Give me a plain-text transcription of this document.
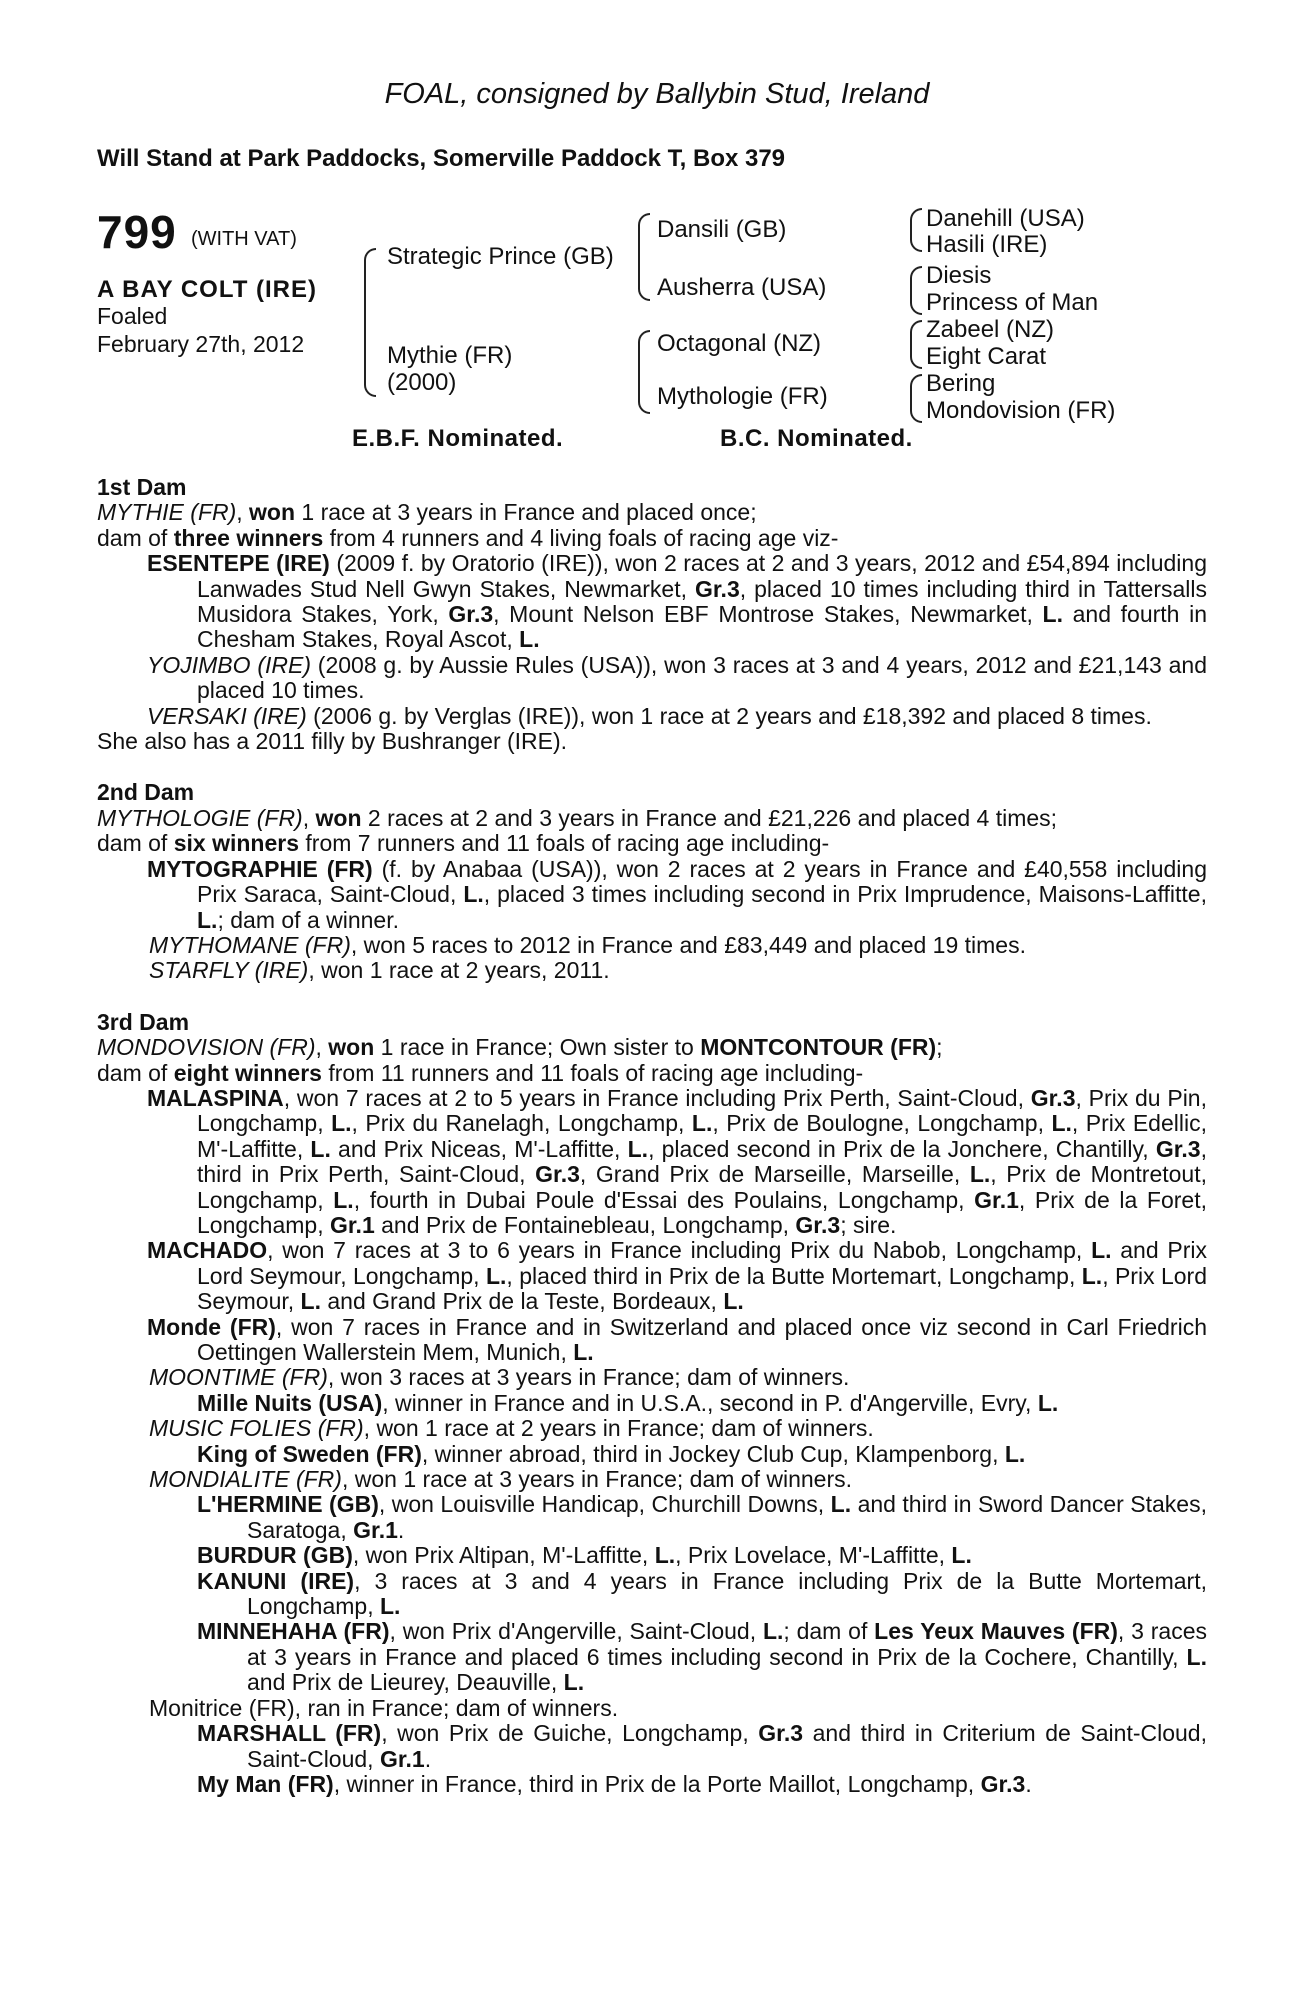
FOAL, consigned by Ballybin Stud, Ireland
Will Stand at Park Paddocks, Somerville Paddock T, Box 379
799 (WITH VAT)
A BAY COLT (IRE)
Foaled
February 27th, 2012
Strategic Prince (GB)
Mythie (FR)
(2000)
Dansili (GB)
Ausherra (USA)
Octagonal (NZ)
Mythologie (FR)
Danehill (USA)
Hasili (IRE)
Diesis
Princess of Man
Zabeel (NZ)
Eight Carat
Bering
Mondovision (FR)
E.B.F. Nominated.	B.C. Nominated.
1st Dam
MYTHIE (FR), won 1 race at 3 years in France and placed once;
dam of three winners from 4 runners and 4 living foals of racing age viz-
ESENTEPE (IRE) (2009 f. by Oratorio (IRE)), won 2 races at 2 and 3 years, 2012 and £54,894 including Lanwades Stud Nell Gwyn Stakes, Newmarket, Gr.3, placed 10 times including third in Tattersalls Musidora Stakes, York, Gr.3, Mount Nelson EBF Montrose Stakes, Newmarket, L. and fourth in Chesham Stakes, Royal Ascot, L.
YOJIMBO (IRE) (2008 g. by Aussie Rules (USA)), won 3 races at 3 and 4 years, 2012 and £21,143 and placed 10 times.
VERSAKI (IRE) (2006 g. by Verglas (IRE)), won 1 race at 2 years and £18,392 and placed 8 times.
She also has a 2011 filly by Bushranger (IRE).
2nd Dam
MYTHOLOGIE (FR), won 2 races at 2 and 3 years in France and £21,226 and placed 4 times;
dam of six winners from 7 runners and 11 foals of racing age including-
MYTOGRAPHIE (FR) (f. by Anabaa (USA)), won 2 races at 2 years in France and £40,558 including Prix Saraca, Saint-Cloud, L., placed 3 times including second in Prix Imprudence, Maisons-Laffitte, L.; dam of a winner.
MYTHOMANE (FR), won 5 races to 2012 in France and £83,449 and placed 19 times.
STARFLY (IRE), won 1 race at 2 years, 2011.
3rd Dam
MONDOVISION (FR), won 1 race in France; Own sister to MONTCONTOUR (FR);
dam of eight winners from 11 runners and 11 foals of racing age including-
MALASPINA, won 7 races at 2 to 5 years in France including Prix Perth, Saint-Cloud, Gr.3, Prix du Pin, Longchamp, L., Prix du Ranelagh, Longchamp, L., Prix de Boulogne, Longchamp, L., Prix Edellic, M'-Laffitte, L. and Prix Niceas, M'-Laffitte, L., placed second in Prix de la Jonchere, Chantilly, Gr.3, third in Prix Perth, Saint-Cloud, Gr.3, Grand Prix de Marseille, Marseille, L., Prix de Montretout, Longchamp, L., fourth in Dubai Poule d'Essai des Poulains, Longchamp, Gr.1, Prix de la Foret, Longchamp, Gr.1 and Prix de Fontainebleau, Longchamp, Gr.3; sire.
MACHADO, won 7 races at 3 to 6 years in France including Prix du Nabob, Longchamp, L. and Prix Lord Seymour, Longchamp, L., placed third in Prix de la Butte Mortemart, Longchamp, L., Prix Lord Seymour, L. and Grand Prix de la Teste, Bordeaux, L.
Monde (FR), won 7 races in France and in Switzerland and placed once viz second in Carl Friedrich Oettingen Wallerstein Mem, Munich, L.
MOONTIME (FR), won 3 races at 3 years in France; dam of winners.
Mille Nuits (USA), winner in France and in U.S.A., second in P. d'Angerville, Evry, L.
MUSIC FOLIES (FR), won 1 race at 2 years in France; dam of winners.
King of Sweden (FR), winner abroad, third in Jockey Club Cup, Klampenborg, L.
MONDIALITE (FR), won 1 race at 3 years in France; dam of winners.
L'HERMINE (GB), won Louisville Handicap, Churchill Downs, L. and third in Sword Dancer Stakes, Saratoga, Gr.1.
BURDUR (GB), won Prix Altipan, M'-Laffitte, L., Prix Lovelace, M'-Laffitte, L.
KANUNI (IRE), 3 races at 3 and 4 years in France including Prix de la Butte Mortemart, Longchamp, L.
MINNEHAHA (FR), won Prix d'Angerville, Saint-Cloud, L.; dam of Les Yeux Mauves (FR), 3 races at 3 years in France and placed 6 times including second in Prix de la Cochere, Chantilly, L. and Prix de Lieurey, Deauville, L.
Monitrice (FR), ran in France; dam of winners.
MARSHALL (FR), won Prix de Guiche, Longchamp, Gr.3 and third in Criterium de Saint-Cloud, Saint-Cloud, Gr.1.
My Man (FR), winner in France, third in Prix de la Porte Maillot, Longchamp, Gr.3.
